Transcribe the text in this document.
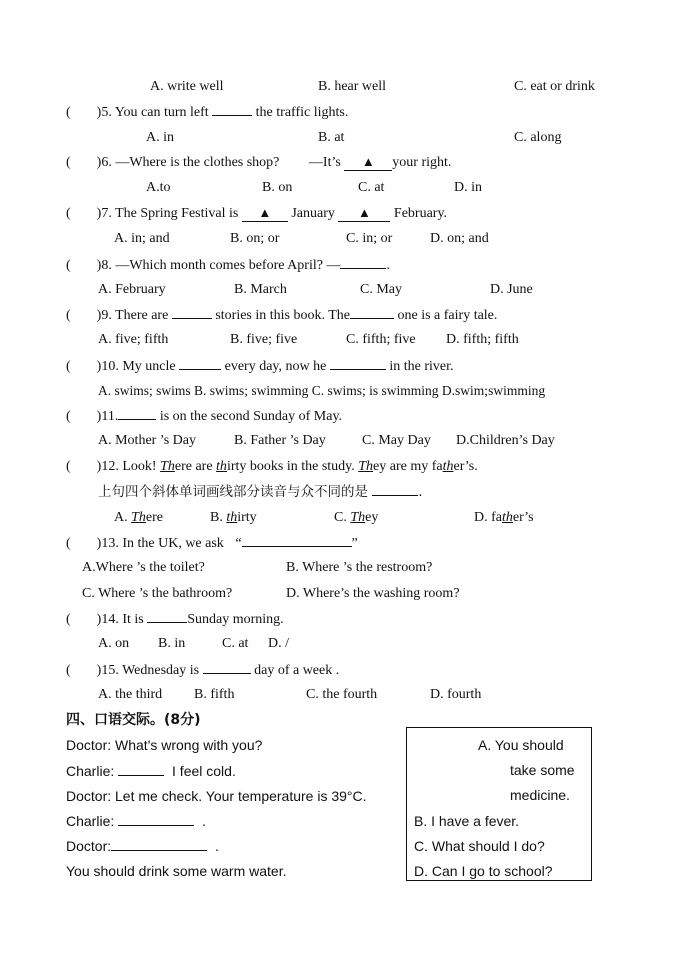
A. write well	B. hear well	C. eat or drink
( )5. You can turn left	the traffic lights.
A. in	B. at	C. along
( )6. —Where is the clothes shop? —It’s ▲ your right.
A.to	B. on	C. at	D. in
( )7. The Spring Festival is ▲ January ▲ February.
A. in; and	B. on; or	C. in; or	D. on; and
( )8. —Which month comes before April? —	.
A. February	B. March	C. May	D. June
( )9. There are	stories in this book. The	one is a fairy tale.
A. five; fifth	B. five; five	C. fifth; five D. fifth; fifth
( )10. My uncle	every day, now he	in the river.
A. swims; swims B. swims; swimming C. swims; is swimming D.swim;swimming
( )11.	is on the second Sunday of May.
A. Mother ’s Day	B. Father ’s Day	C. May Day D.Children’s Day
( )12. Look! There are thirty books in the study. They are my father’s.
上句四个斜体单词画线部分读音与众不同的是	.
A. There	B. thirty	C. They	D. father’s
( )13. In the UK, we ask “	”
A.Where ’s the toilet?	B. Where ’s the restroom?
C. Where ’s the bathroom?	D. Where’s the washing room?
( )14. It is	Sunday morning.
A. on B. in	C. at D. /
( )15. Wednesday is	day of a week .
A. the third B. fifth	C. the fourth	D. fourth
四、口语交际。(8分)
Doctor: What's wrong with you?
Charlie:	I feel cold.
Doctor: Let me check. Your temperature is 39°C.
Charlie:	.
Doctor:	.
You should drink some warm water.
A. You should
take some
medicine.
B. I have a fever.
C. What should I do?
D. Can I go to school?
